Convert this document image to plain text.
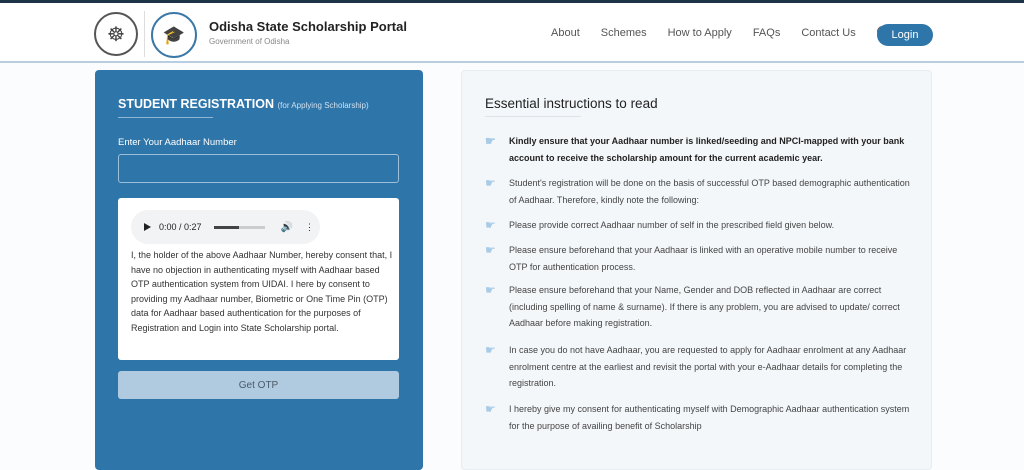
☸	🎓	Odisha State Scholarship Portal
Government of Odisha
About Schemes How to Apply FAQs Contact Us	Login
STUDENT REGISTRATION (for Applying Scholarship)
Enter Your Aadhaar Number
0:00 / 0:27	🔊 ⋮
I, the holder of the above Aadhaar Number, hereby consent that, I have no objection in authenticating myself with Aadhaar based OTP authentication system from UIDAI. I here by consent to providing my Aadhaar number, Biometric or One Time Pin (OTP) data for Aadhaar based authentication for the purposes of Registration and Login into State Scholarship portal.
Get OTP
Essential instructions to read
☛	Kindly ensure that your Aadhaar number is linked/seeding and NPCI-mapped with your bank account to receive the scholarship amount for the current academic year.
☛	Student's registration will be done on the basis of successful OTP based demographic authentication of Aadhaar. Therefore, kindly note the following:
☛	Please provide correct Aadhaar number of self in the prescribed field given below.
☛	Please ensure beforehand that your Aadhaar is linked with an operative mobile number to receive OTP for authentication process.
☛	Please ensure beforehand that your Name, Gender and DOB reflected in Aadhaar are correct (including spelling of name & surname). If there is any problem, you are advised to update/ correct Aadhaar before making registration.
☛	In case you do not have Aadhaar, you are requested to apply for Aadhaar enrolment at any Aadhaar enrolment centre at the earliest and revisit the portal with your e-Aadhaar details for completing the registration.
☛	I hereby give my consent for authenticating myself with Demographic Aadhaar authentication system for the purpose of availing benefit of Scholarship
